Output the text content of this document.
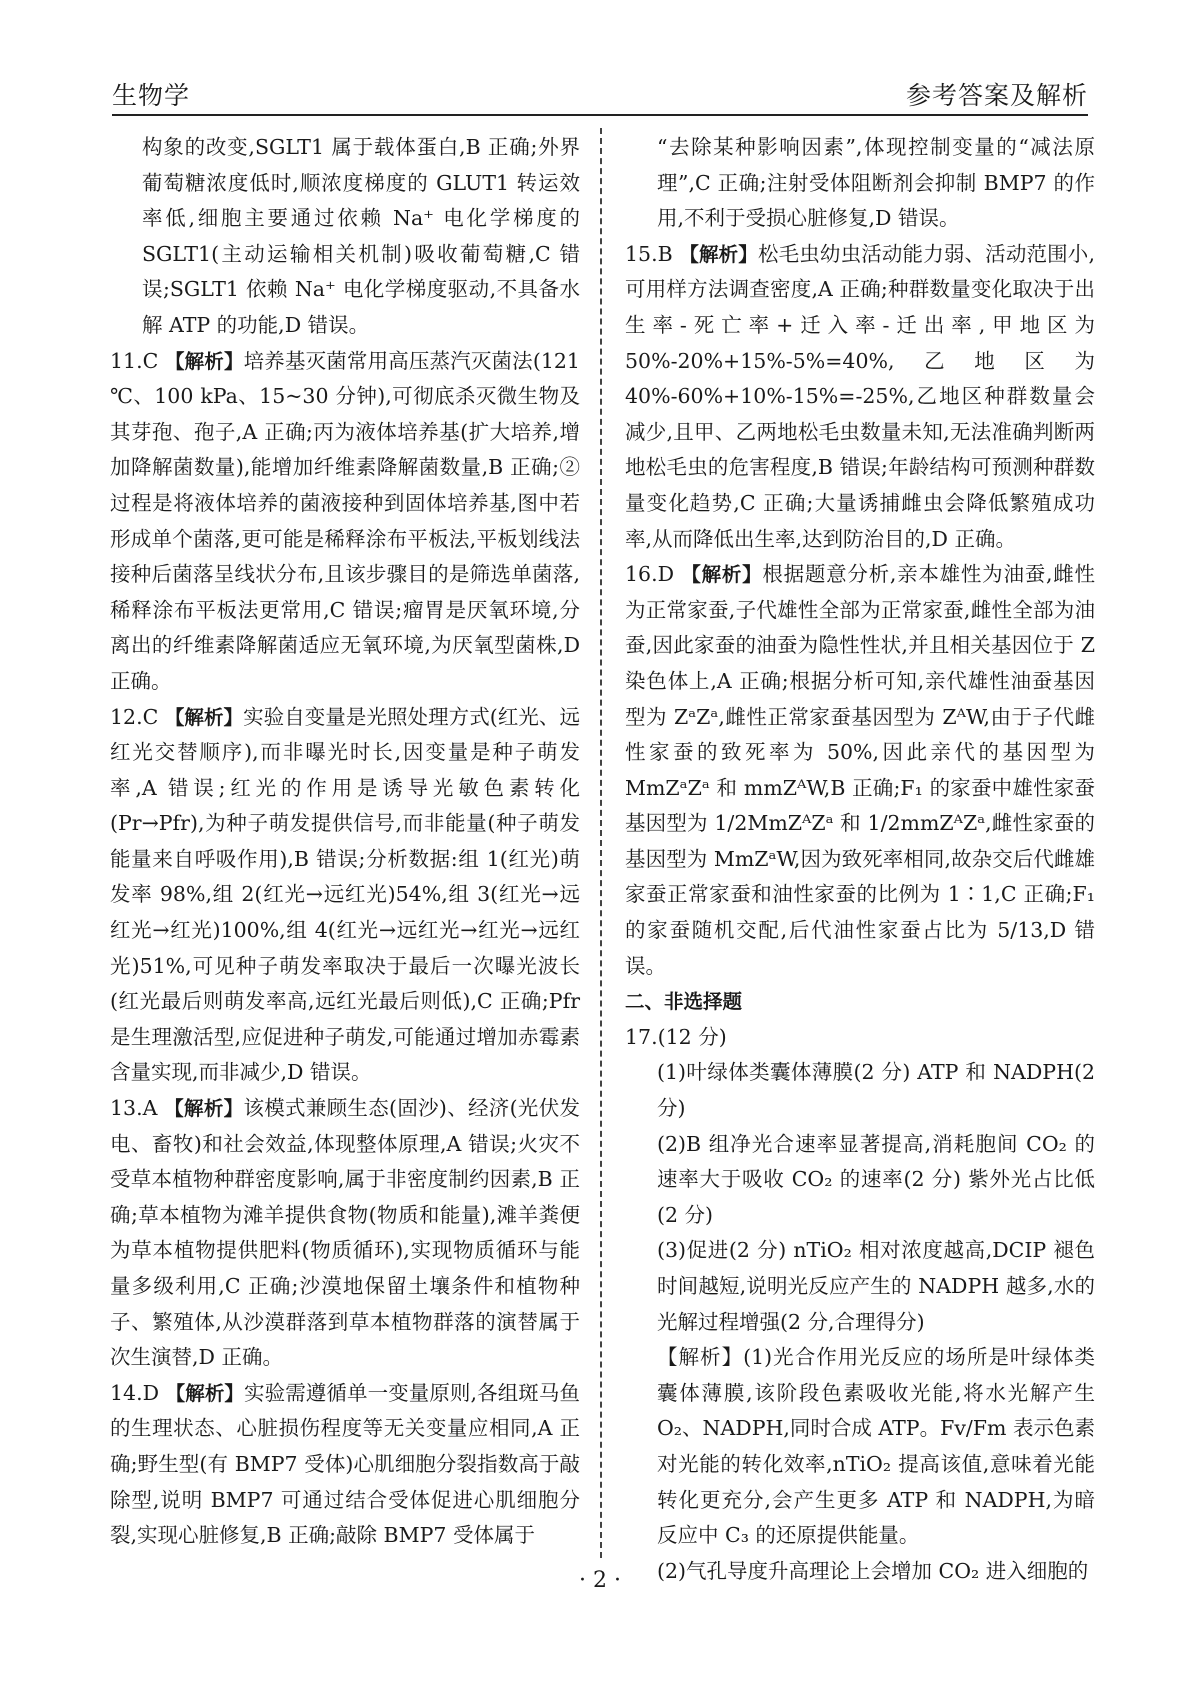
生物学	参考答案及解析

构象的改变,SGLT1 属于载体蛋白,B 正确;外界葡萄糖浓度低时,顺浓度梯度的 GLUT1 转运效率低,细胞主要通过依赖 Na⁺ 电化学梯度的 SGLT1(主动运输相关机制)吸收葡萄糖,C 错误;SGLT1 依赖 Na⁺ 电化学梯度驱动,不具备水解 ATP 的功能,D 错误。

11.C 【解析】培养基灭菌常用高压蒸汽灭菌法(121 ℃、100 kPa、15~30 分钟),可彻底杀灭微生物及其芽孢、孢子,A 正确;丙为液体培养基(扩大培养,增加降解菌数量),能增加纤维素降解菌数量,B 正确;②过程是将液体培养的菌液接种到固体培养基,图中若形成单个菌落,更可能是稀释涂布平板法,平板划线法接种后菌落呈线状分布,且该步骤目的是筛选单菌落,稀释涂布平板法更常用,C 错误;瘤胃是厌氧环境,分离出的纤维素降解菌适应无氧环境,为厌氧型菌株,D 正确。

12.C 【解析】实验自变量是光照处理方式(红光、远红光交替顺序),而非曝光时长,因变量是种子萌发率,A 错误;红光的作用是诱导光敏色素转化(Pr→Pfr),为种子萌发提供信号,而非能量(种子萌发能量来自呼吸作用),B 错误;分析数据:组 1(红光)萌发率 98%,组 2(红光→远红光)54%,组 3(红光→远红光→红光)100%,组 4(红光→远红光→红光→远红光)51%,可见种子萌发率取决于最后一次曝光波长(红光最后则萌发率高,远红光最后则低),C 正确;Pfr 是生理激活型,应促进种子萌发,可能通过增加赤霉素含量实现,而非减少,D 错误。

13.A 【解析】该模式兼顾生态(固沙)、经济(光伏发电、畜牧)和社会效益,体现整体原理,A 错误;火灾不受草本植物种群密度影响,属于非密度制约因素,B 正确;草本植物为滩羊提供食物(物质和能量),滩羊粪便为草本植物提供肥料(物质循环),实现物质循环与能量多级利用,C 正确;沙漠地保留土壤条件和植物种子、繁殖体,从沙漠群落到草本植物群落的演替属于次生演替,D 正确。

14.D 【解析】实验需遵循单一变量原则,各组斑马鱼的生理状态、心脏损伤程度等无关变量应相同,A 正确;野生型(有 BMP7 受体)心肌细胞分裂指数高于敲除型,说明 BMP7 可通过结合受体促进心肌细胞分裂,实现心脏修复,B 正确;敲除 BMP7 受体属于

“去除某种影响因素”,体现控制变量的“减法原理”,C 正确;注射受体阻断剂会抑制 BMP7 的作用,不利于受损心脏修复,D 错误。

15.B 【解析】松毛虫幼虫活动能力弱、活动范围小,可用样方法调查密度,A 正确;种群数量变化取决于出生率-死亡率+迁入率-迁出率,甲地区为 50%-20%+15%-5%=40%,乙地区为 40%-60%+10%-15%=-25%,乙地区种群数量会减少,且甲、乙两地松毛虫数量未知,无法准确判断两地松毛虫的危害程度,B 错误;年龄结构可预测种群数量变化趋势,C 正确;大量诱捕雌虫会降低繁殖成功率,从而降低出生率,达到防治目的,D 正确。

16.D 【解析】根据题意分析,亲本雄性为油蚕,雌性为正常家蚕,子代雄性全部为正常家蚕,雌性全部为油蚕,因此家蚕的油蚕为隐性性状,并且相关基因位于 Z 染色体上,A 正确;根据分析可知,亲代雄性油蚕基因型为 ZᵃZᵃ,雌性正常家蚕基因型为 ZᴬW,由于子代雌性家蚕的致死率为 50%,因此亲代的基因型为 MmZᵃZᵃ 和 mmZᴬW,B 正确;F₁ 的家蚕中雄性家蚕基因型为 1/2MmZᴬZᵃ 和 1/2mmZᴬZᵃ,雌性家蚕的基因型为 MmZᵃW,因为致死率相同,故杂交后代雌雄家蚕正常家蚕和油性家蚕的比例为 1∶1,C 正确;F₁ 的家蚕随机交配,后代油性家蚕占比为 5/13,D 错误。

二、非选择题

17.(12 分)

(1)叶绿体类囊体薄膜(2 分) ATP 和 NADPH(2 分)

(2)B 组净光合速率显著提高,消耗胞间 CO₂ 的速率大于吸收 CO₂ 的速率(2 分) 紫外光占比低(2 分)

(3)促进(2 分) nTiO₂ 相对浓度越高,DCIP 褪色时间越短,说明光反应产生的 NADPH 越多,水的光解过程增强(2 分,合理得分)

【解析】(1)光合作用光反应的场所是叶绿体类囊体薄膜,该阶段色素吸收光能,将水光解产生 O₂、NADPH,同时合成 ATP。Fv/Fm 表示色素对光能的转化效率,nTiO₂ 提高该值,意味着光能转化更充分,会产生更多 ATP 和 NADPH,为暗反应中 C₃ 的还原提供能量。

(2)气孔导度升高理论上会增加 CO₂ 进入细胞的

· 2 ·
